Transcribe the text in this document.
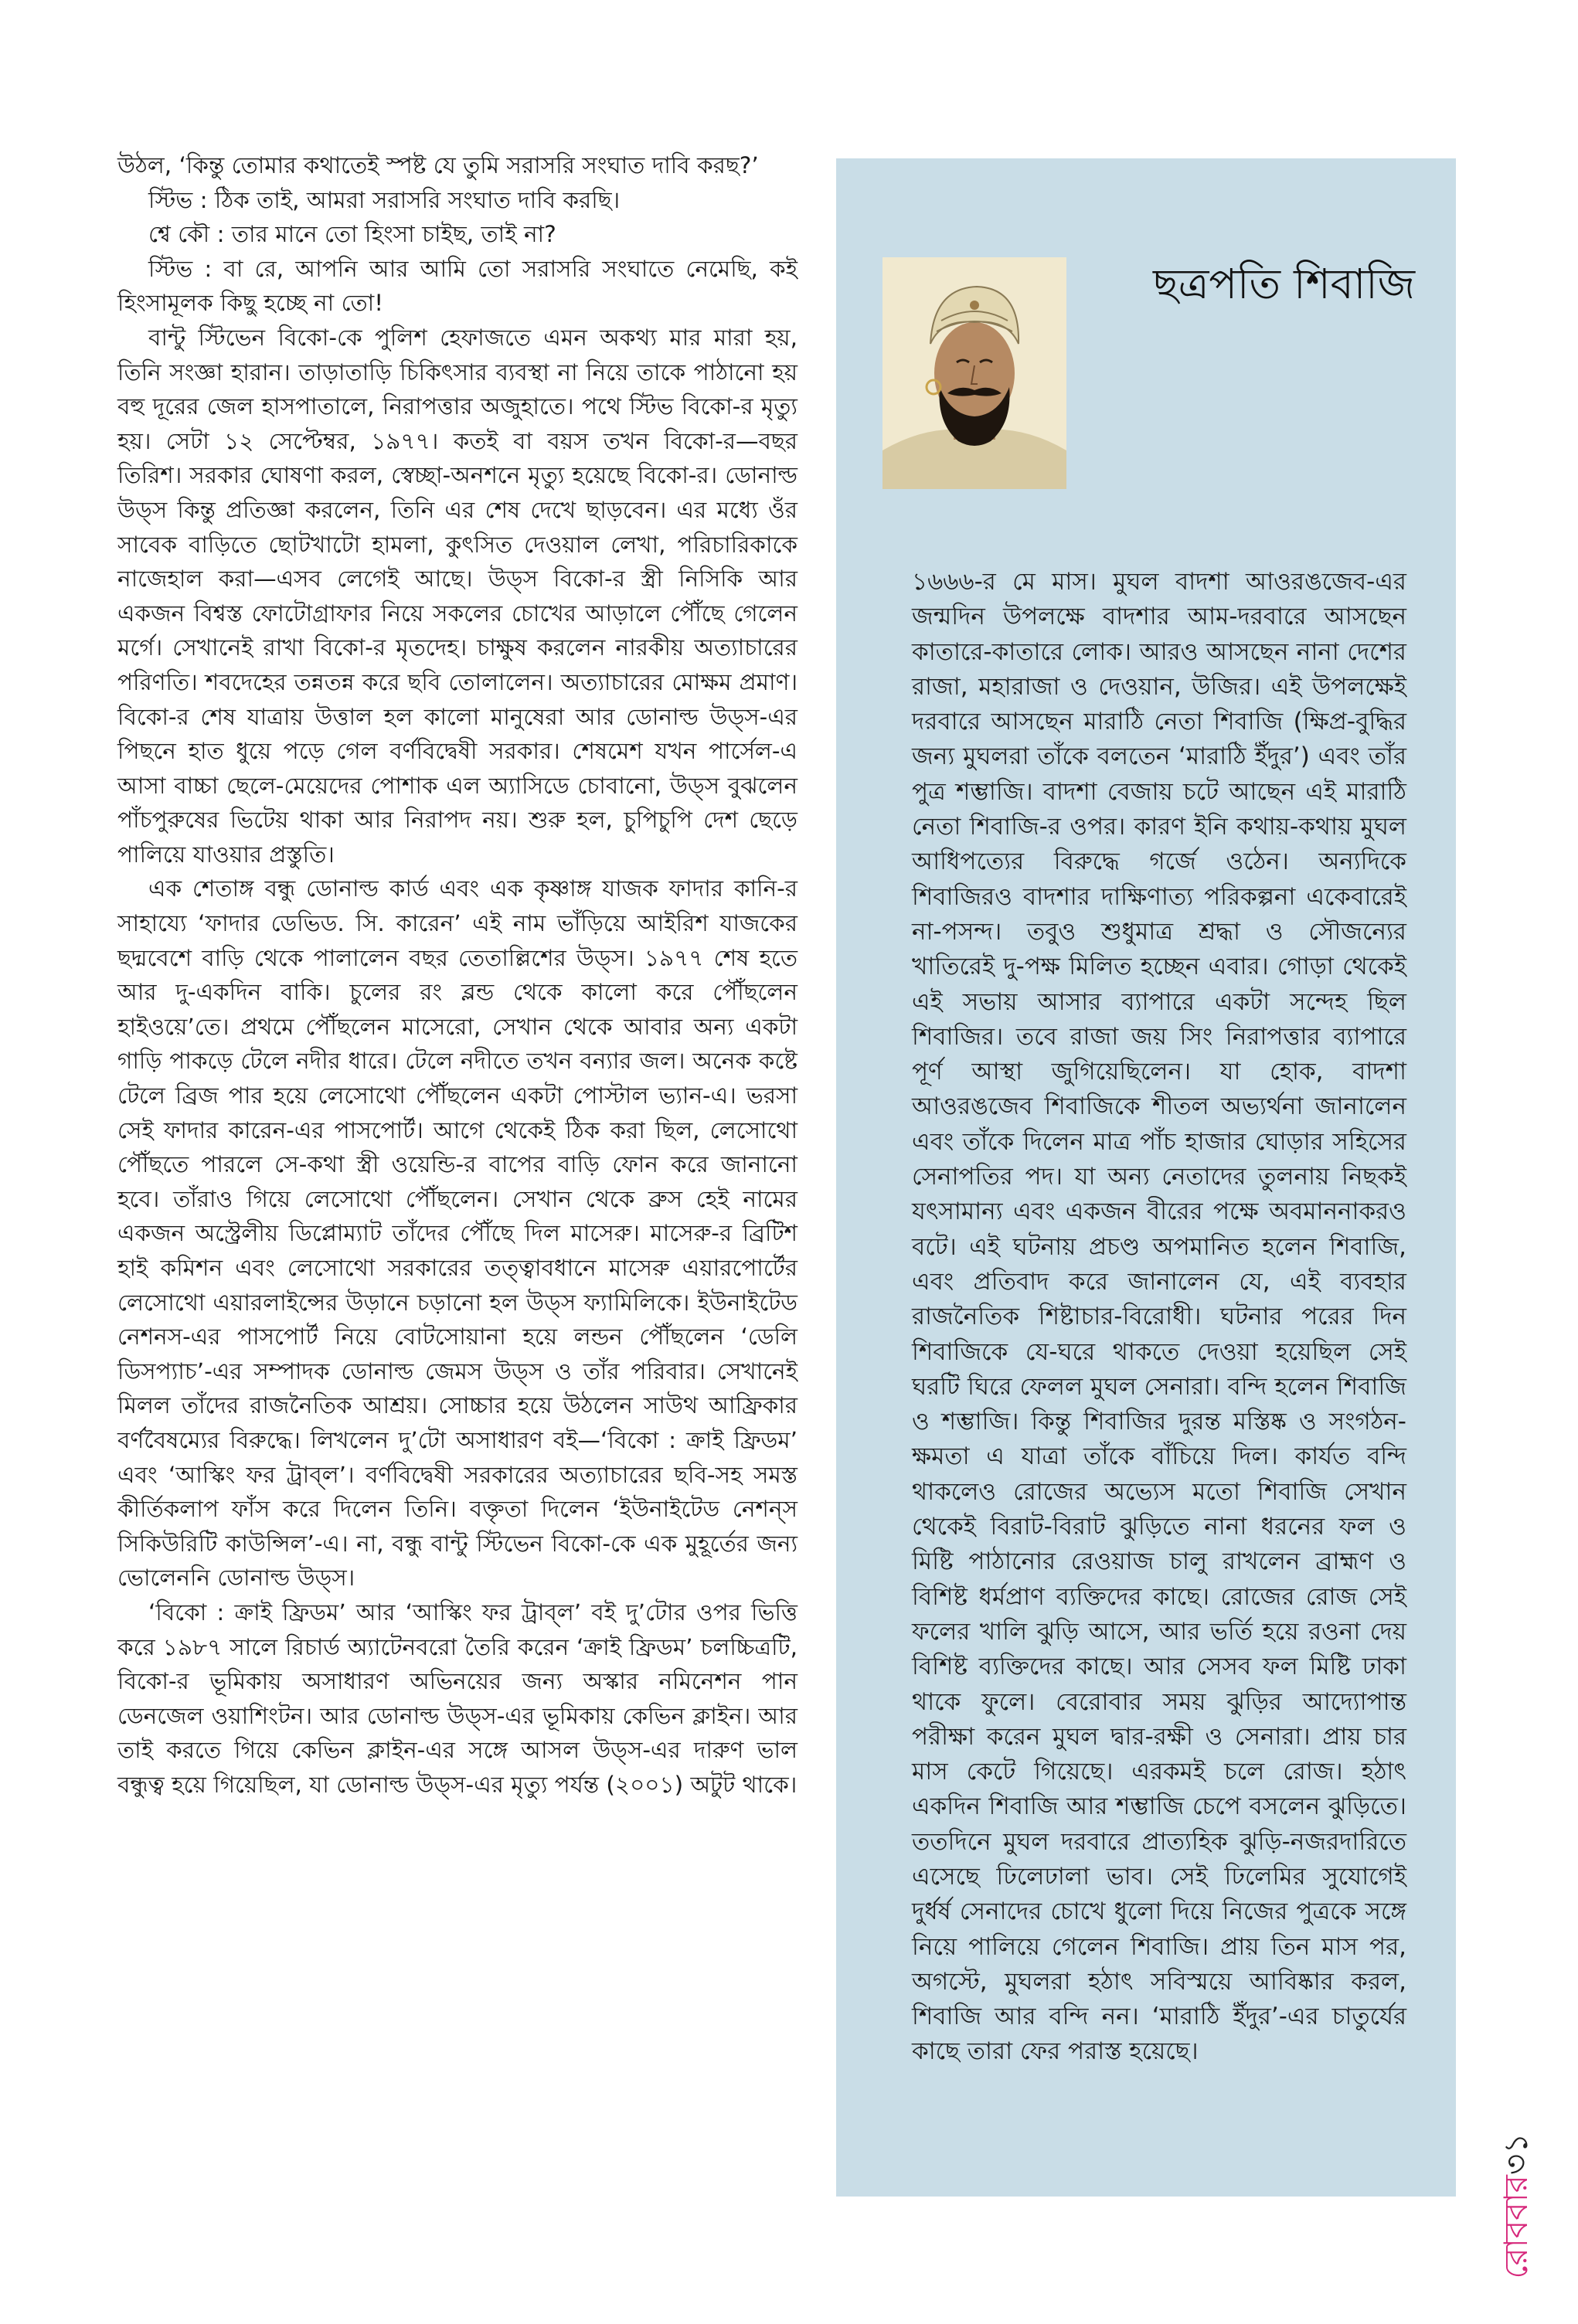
উঠল, ‘কিন্তু তোমার কথাতেই স্পষ্ট যে তুমি সরাসরি সংঘাত দাবি করছ?’

স্টিভ : ঠিক তাই, আমরা সরাসরি সংঘাত দাবি করছি।

শ্বে কৌ : তার মানে তো হিংসা চাইছ, তাই না?

স্টিভ : বা রে, আপনি আর আমি তো সরাসরি সংঘাতে নেমেছি, কই হিংসামূলক কিছু হচ্ছে না তো!

বান্টু স্টিভেন বিকো-কে পুলিশ হেফাজতে এমন অকথ্য মার মারা হয়, তিনি সংজ্ঞা হারান। তাড়াতাড়ি চিকিৎসার ব্যবস্থা না নিয়ে তাকে পাঠানো হয় বহু দূরের জেল হাসপাতালে, নিরাপত্তার অজুহাতে। পথে স্টিভ বিকো-র মৃত্যু হয়। সেটা ১২ সেপ্টেম্বর, ১৯৭৭। কতই বা বয়স তখন বিকো-র—বছর তিরিশ। সরকার ঘোষণা করল, স্বেচ্ছা-অনশনে মৃত্যু হয়েছে বিকো-র। ডোনাল্ড উড্‌স কিন্তু প্রতিজ্ঞা করলেন, তিনি এর শেষ দেখে ছাড়বেন। এর মধ্যে ওঁর সাবেক বাড়িতে ছোটখাটো হামলা, কুৎসিত দেওয়াল লেখা, পরিচারিকাকে নাজেহাল করা—এসব লেগেই আছে। উড্‌স বিকো-র স্ত্রী নিসিকি আর একজন বিশ্বস্ত ফোটোগ্রাফার নিয়ে সকলের চোখের আড়ালে পৌঁছে গেলেন মর্গে। সেখানেই রাখা বিকো-র মৃতদেহ। চাক্ষুষ করলেন নারকীয় অত্যাচারের পরিণতি। শবদেহের তন্নতন্ন করে ছবি তোলালেন। অত্যাচারের মোক্ষম প্রমাণ। বিকো-র শেষ যাত্রায় উত্তাল হল কালো মানুষেরা আর ডোনাল্ড উড্‌স-এর পিছনে হাত ধুয়ে পড়ে গেল বর্ণবিদ্বেষী সরকার। শেষমেশ যখন পার্সেল-এ আসা বাচ্চা ছেলে-মেয়েদের পোশাক এল অ্যাসিডে চোবানো, উড্‌স বুঝলেন পাঁচপুরুষের ভিটেয় থাকা আর নিরাপদ নয়। শুরু হল, চুপিচুপি দেশ ছেড়ে পালিয়ে যাওয়ার প্রস্তুতি।

এক শেতাঙ্গ বন্ধু ডোনাল্ড কার্ড এবং এক কৃষ্ণাঙ্গ যাজক ফাদার কানি-র সাহায্যে ‘ফাদার ডেভিড. সি. কারেন’ এই নাম ভাঁড়িয়ে আইরিশ যাজকের ছদ্মবেশে বাড়ি থেকে পালালেন বছর তেতাল্লিশের উড্‌স। ১৯৭৭ শেষ হতে আর দু-একদিন বাকি। চুলের রং ব্লন্ড থেকে কালো করে পৌঁছলেন হাইওয়ে’তে। প্রথমে পৌঁছলেন মাসেরো, সেখান থেকে আবার অন্য একটা গাড়ি পাকড়ে টেলে নদীর ধারে। টেলে নদীতে তখন বন্যার জল। অনেক কষ্টে টেলে ব্রিজ পার হয়ে লেসোথো পৌঁছলেন একটা পোস্টাল ভ্যান-এ। ভরসা সেই ফাদার কারেন-এর পাসপোর্ট। আগে থেকেই ঠিক করা ছিল, লেসোথো পৌঁছতে পারলে সে-কথা স্ত্রী ওয়েন্ডি-র বাপের বাড়ি ফোন করে জানানো হবে। তাঁরাও গিয়ে লেসোথো পৌঁছলেন। সেখান থেকে ব্রুস হেই নামের একজন অস্ট্রেলীয় ডিপ্লোম্যাট তাঁদের পৌঁছে দিল মাসেরু। মাসেরু-র ব্রিটিশ হাই কমিশন এবং লেসোথো সরকারের তত্ত্বাবধানে মাসেরু এয়ারপোর্টের লেসোথো এয়ারলাইন্সের উড়ানে চড়ানো হল উড্‌স ফ্যামিলিকে। ইউনাইটেড নেশনস-এর পাসপোর্ট নিয়ে বোটসোয়ানা হয়ে লন্ডন পৌঁছলেন ‘ডেলি ডিসপ্যাচ’-এর সম্পাদক ডোনাল্ড জেমস উড্‌স ও তাঁর পরিবার। সেখানেই মিলল তাঁদের রাজনৈতিক আশ্রয়। সোচ্চার হয়ে উঠলেন সাউথ আফ্রিকার বর্ণবৈষম্যের বিরুদ্ধে। লিখলেন দু’টো অসাধারণ বই—‘বিকো : ক্রাই ফ্রিডম’ এবং ‘আস্কিং ফর ট্রাব্‌ল’। বর্ণবিদ্বেষী সরকারের অত্যাচারের ছবি-সহ সমস্ত কীর্তিকলাপ ফাঁস করে দিলেন তিনি। বক্তৃতা দিলেন ‘ইউনাইটেড নেশন্‌স সিকিউরিটি কাউন্সিল’-এ। না, বন্ধু বান্টু স্টিভেন বিকো-কে এক মুহূর্তের জন্য ভোলেননি ডোনাল্ড উড্‌স।

‘বিকো : ক্রাই ফ্রিডম’ আর ‘আস্কিং ফর ট্রাব্‌ল’ বই দু’টোর ওপর ভিত্তি করে ১৯৮৭ সালে রিচার্ড অ্যাটেনবরো তৈরি করেন ‘ক্রাই ফ্রিডম’ চলচ্চিত্রটি, বিকো-র ভূমিকায় অসাধারণ অভিনয়ের জন্য অস্কার নমিনেশন পান ডেনজেল ওয়াশিংটন। আর ডোনাল্ড উড্‌স-এর ভূমিকায় কেভিন ক্লাইন। আর তাই করতে গিয়ে কেভিন ক্লাইন-এর সঙ্গে আসল উড্‌স-এর দারুণ ভাল বন্ধুত্ব হয়ে গিয়েছিল, যা ডোনাল্ড উড্‌স-এর মৃত্যু পর্যন্ত (২০০১) অটুট থাকে।

ছত্রপতি শিবাজি

১৬৬৬-র মে মাস। মুঘল বাদশা আওরঙজেব-এর জন্মদিন উপলক্ষে বাদশার আম-দরবারে আসছেন কাতারে-কাতারে লোক। আরও আসছেন নানা দেশের রাজা, মহারাজা ও দেওয়ান, উজির। এই উপলক্ষেই দরবারে আসছেন মারাঠি নেতা শিবাজি (ক্ষিপ্র-বুদ্ধির জন্য মুঘলরা তাঁকে বলতেন ‘মারাঠি ইঁদুর’) এবং তাঁর পুত্র শম্ভাজি। বাদশা বেজায় চটে আছেন এই মারাঠি নেতা শিবাজি-র ওপর। কারণ ইনি কথায়-কথায় মুঘল আধিপত্যের বিরুদ্ধে গর্জে ওঠেন। অন্যদিকে শিবাজিরও বাদশার দাক্ষিণাত্য পরিকল্পনা একেবারেই না-পসন্দ। তবুও শুধুমাত্র শ্রদ্ধা ও সৌজন্যের খাতিরেই দু-পক্ষ মিলিত হচ্ছেন এবার। গোড়া থেকেই এই সভায় আসার ব্যাপারে একটা সন্দেহ ছিল শিবাজির। তবে রাজা জয় সিং নিরাপত্তার ব্যাপারে পূর্ণ আস্থা জুগিয়েছিলেন। যা হোক, বাদশা আওরঙজেব শিবাজিকে শীতল অভ্যর্থনা জানালেন এবং তাঁকে দিলেন মাত্র পাঁচ হাজার ঘোড়ার সহিসের সেনাপতির পদ। যা অন্য নেতাদের তুলনায় নিছকই যৎসামান্য এবং একজন বীরের পক্ষে অবমাননাকরও বটে। এই ঘটনায় প্রচণ্ড অপমানিত হলেন শিবাজি, এবং প্রতিবাদ করে জানালেন যে, এই ব্যবহার রাজনৈতিক শিষ্টাচার-বিরোধী। ঘটনার পরের দিন শিবাজিকে যে-ঘরে থাকতে দেওয়া হয়েছিল সেই ঘরটি ঘিরে ফেলল মুঘল সেনারা। বন্দি হলেন শিবাজি ও শম্ভাজি। কিন্তু শিবাজির দুরন্ত মস্তিষ্ক ও সংগঠন-ক্ষমতা এ যাত্রা তাঁকে বাঁচিয়ে দিল। কার্যত বন্দি থাকলেও রোজের অভ্যেস মতো শিবাজি সেখান থেকেই বিরাট-বিরাট ঝুড়িতে নানা ধরনের ফল ও মিষ্টি পাঠানোর রেওয়াজ চালু রাখলেন ব্রাহ্মণ ও বিশিষ্ট ধর্মপ্রাণ ব্যক্তিদের কাছে। রোজের রোজ সেই ফলের খালি ঝুড়ি আসে, আর ভর্তি হয়ে রওনা দেয় বিশিষ্ট ব্যক্তিদের কাছে। আর সেসব ফল মিষ্টি ঢাকা থাকে ফুলে। বেরোবার সময় ঝুড়ির আদ্যোপান্ত পরীক্ষা করেন মুঘল দ্বার-রক্ষী ও সেনারা। প্রায় চার মাস কেটে গিয়েছে। এরকমই চলে রোজ। হঠাৎ একদিন শিবাজি আর শম্ভাজি চেপে বসলেন ঝুড়িতে। ততদিনে মুঘল দরবারে প্রাত্যহিক ঝুড়ি-নজরদারিতে এসেছে ঢিলেঢালা ভাব। সেই ঢিলেমির সুযোগেই দুর্ধর্ষ সেনাদের চোখে ধুলো দিয়ে নিজের পুত্রকে সঙ্গে নিয়ে পালিয়ে গেলেন শিবাজি। প্রায় তিন মাস পর, অগস্টে, মুঘলরা হঠাৎ সবিস্ময়ে আবিষ্কার করল, শিবাজি আর বন্দি নন। ‘মারাঠি ইঁদুর’-এর চাতুর্যের কাছে তারা ফের পরাস্ত হয়েছে।

রোববার৩১
